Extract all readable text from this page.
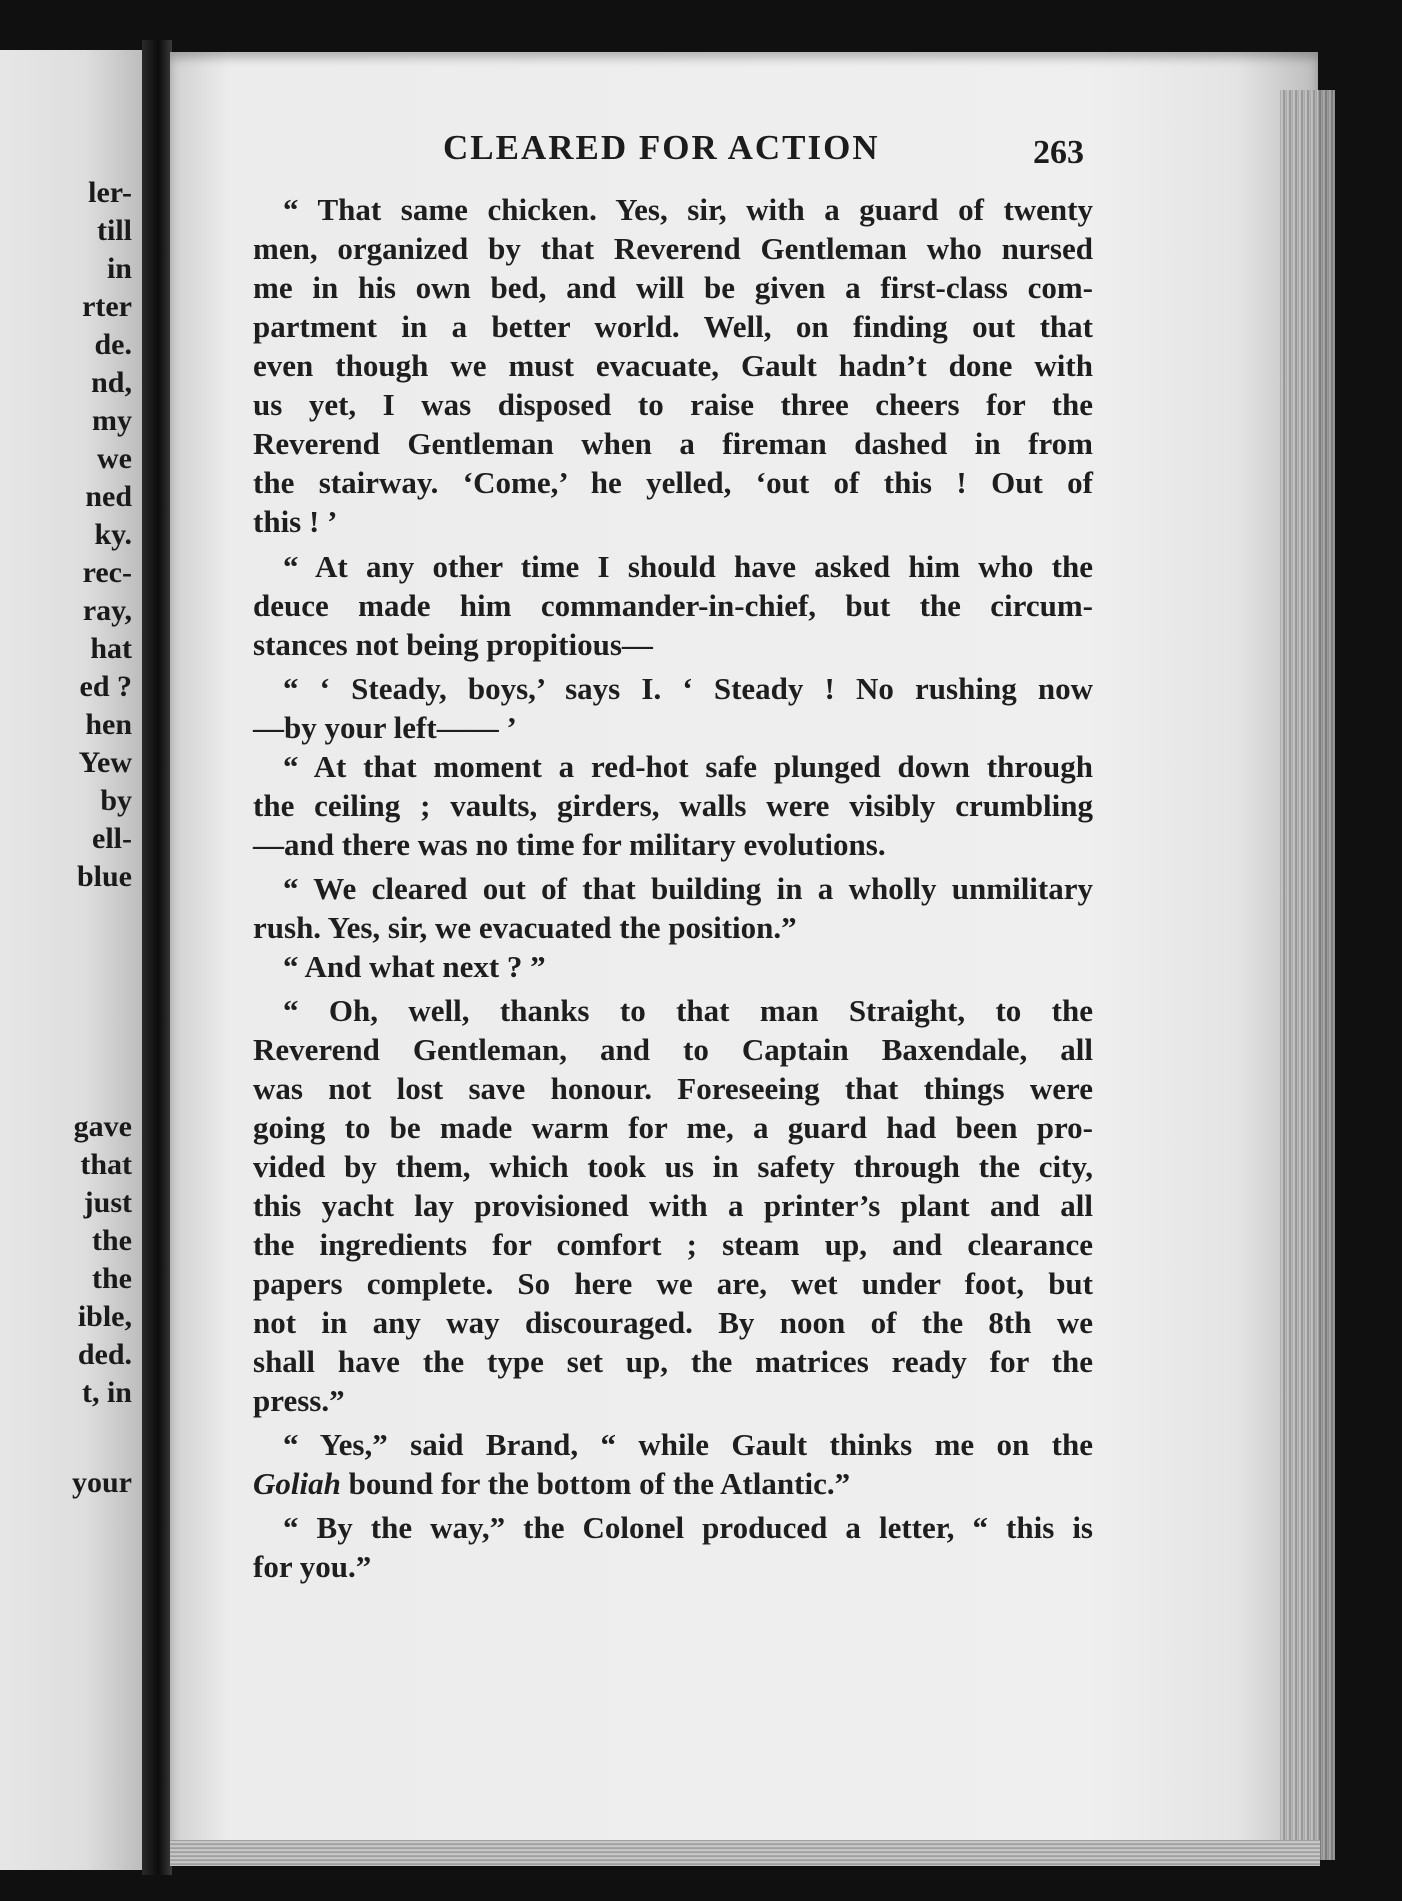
ler-
till
in
rter
de.
nd,
my
we
ned
ky.
rec-
ray,
hat
ed ?
hen
Yew
by
ell-
blue
gave
that
just
the
the
ible,
ded.
t, in
your
CLEARED FOR ACTION	263
“ That same chicken. Yes, sir, with a guard of twenty
men, organized by that Reverend Gentleman who nursed
me in his own bed, and will be given a first-class com-
partment in a better world. Well, on finding out that
even though we must evacuate, Gault hadn’t done with
us yet, I was disposed to raise three cheers for the
Reverend Gentleman when a fireman dashed in from
the stairway. ‘Come,’ he yelled, ‘out of this ! Out of
this ! ’
“ At any other time I should have asked him who the
deuce made him commander-in-chief, but the circum-
stances not being propitious—
“ ‘ Steady, boys,’ says I. ‘ Steady ! No rushing now
—by your left—— ’
“ At that moment a red-hot safe plunged down through
the ceiling ; vaults, girders, walls were visibly crumbling
—and there was no time for military evolutions.
“ We cleared out of that building in a wholly unmilitary
rush. Yes, sir, we evacuated the position.”
“ And what next ? ”
“ Oh, well, thanks to that man Straight, to the
Reverend Gentleman, and to Captain Baxendale, all
was not lost save honour. Foreseeing that things were
going to be made warm for me, a guard had been pro-
vided by them, which took us in safety through the city,
this yacht lay provisioned with a printer’s plant and all
the ingredients for comfort ; steam up, and clearance
papers complete. So here we are, wet under foot, but
not in any way discouraged. By noon of the 8th we
shall have the type set up, the matrices ready for the
press.”
“ Yes,” said Brand, “ while Gault thinks me on the
Goliah bound for the bottom of the Atlantic.”
“ By the way,” the Colonel produced a letter, “ this is
for you.”
